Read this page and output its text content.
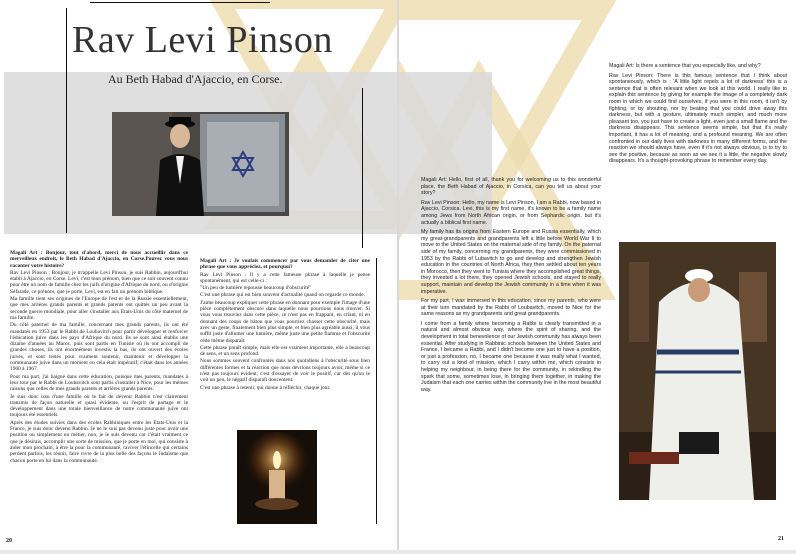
Rav Levi Pinson
Au Beth Habad d'Ajaccio, en Corse.

Magali Art : Bonjour, tout d'abord, merci de nous accueillir dans ce merveilleux endroit, le Beth Habad d'Ajaccio, en Corse.Pouvez vous nous raconter votre histoire?

Rav Levi Pinson : Bonjour, je m'appelle Levi Pinson, je suis Rabbin, aujourd'hui établi à Ajaccio, en Corse. Levi, c'est mon prénom, bien que ce soit souvent connu pour être un nom de famille chez les juifs d'origine d'Afrique du nord, ou d'origine Séfarade, ce prénom, que je porte, Levi, est en fait un prénom biblique.

Ma famille tient ses origines de l'Europe de l'est et de la Russie essentiellement, que mes arrières grands parents et grands parents ont quittés un peu avant la seconde guerre mondiale, pour aller s'installer aux Etats-Unis du côté maternel de ma famille.

Du côté paternel de ma famille, concernant mes grands parents, ils ont été mandatés en 1953 par le Rabbi de Loubavitch pour partir développer et renforcer l'éducation juive dans les pays d'Afrique du nord. Ils se sont ainsi établis une dizaine d'années au Maroc, puis sont partis en Tunisie où ils ont accompli de grandes choses, ils ont énormément investis la bas, ils ont ouvert des écoles juives, et sont restés pour vraiment soutenir, maintenir et développer la communauté juive dans un moment ou cela était impératif, c'était dans les années 1960 à 1967.

Pour ma part, j'ai baigné dans cette éducation, puisque mes parents, mandatés à leur tour par le Rabbi de Loubavitch sont partis s'installer à Nice, pour les mêmes raisons que celles de mes grands parents et arrières grands parents.

Je suis donc issu d'une famille où le fait de devenir Rabbin n'est clairement transmis de façon naturelle et quasi évidente, ou l'esprit de partage et le développement dans une totale bienveillance de notre communauté juive ont toujours été essentiels.

Après des études suivies dans des écoles Rabbiniques entre les Etats-Unis et la France, je suis donc devenu Rabbin. Je ne le suis pas devenu juste pour avoir une position ou simplement un métier, non, je le suis devenu car c'était vraiment ce que je désirais, accomplir une sorte de mission, que je porte en moi, qui consiste à aider mon prochain, à être la pour la communauté, raviver l'étincelle qui certains perdent parfois, les réunir, faire vivre de la plus belle des façons le Judaïsme que chacun porte en lui dans la communauté.

Magali Art : Je voulais commencer par vous demander de citer une phrase que vous appréciez, et pourquoi?

Rav Levi Pinson : Il y a cette fameuse phrase à laquelle je pense spontanément, qui est celle-ci :

"Un peu de lumière repousse beaucoup d'obscurité"

C'est une phrase qui est bien souvent d'actualité quand on regarde ce monde.

J'aime beaucoup expliquer cette phrase en donnant pour exemple l'image d'une pièce complètement obscure dans laquelle nous pourrions nous trouver. Si vous vous trouviez dans cette pièce, ce n'est pas en frappant, en criant, ni en donnant des coups de bâton que vous pourriez chasser cette obscurité, mais avec un geste, finalement bien plus simple, et bien plus agréable aussi, il vous suffit juste d'allumer une lumière, même juste une petite flamme et l'obscurité cède même disparaît.

Cette phrase paraît simple, mais elle est vraiment importante, elle a beaucoup de sens, et un sens profond.

Nous sommes souvent confrontés dans nos quotidiens à l'obscurité sous bien différentes formes et la réaction que nous devrions toujours avoir, même si ce n'est pas toujours évident, c'est d'essayer de voir le positif, car dès qu'on le voit un peu, le négatif disparaît doucement.

C'est une phrase à retenir, qui donne à réfléchir, chaque jour.

20

Magali Art: Hello, first of all, thank you for welcoming us to this wonderful place, the Beth Habad of Ajaccio, in Corsica, can you tell us about your story?

Rav Levi Pinson: Hello, my name is Levi Pinson, I am a Rabbi, now based in Ajaccio, Corsica. Levi, this is my first name, it's known to be a family name among Jews from North African origin, or from Sephardic origin, but it's actually a biblical first name.

My family has its origins from Eastern Europe and Russia essentially, which my great-grandparents and grandparents left a little before World War II to move to the United States on the maternal side of my family. On the paternal side of my family, concerning my grandparents, they were commissioned in 1953 by the Rabbi of Lubavitch to go and develop and strengthen Jewish education in the countries of North Africa, they then settled about ten years in Morocco, then they went to Tunisia where they accomplished great things, they invested a lot there, they opened Jewish schools, and stayed to really support, maintain and develop the Jewish community in a time when it was imperative.

For my part, I was immersed in this education, since my parents, who were at their turn mandated by the Rabbi of Loubavitch, moved to Nice for the same reasons as my grandparents and great grandparents.

I come from a family where becoming a Rabbi is clearly transmitted in a natural and almost obvious way, where the spirit of sharing, and the development in total benevolence of our Jewish community has always been essential. After studying in Rabbinic schools between the United States and France, I became a Rabbi, and I didn't become one just to have a position, or just a profession, no, I became one because it was really what I wanted, to carry out a kind of mission, which I carry within me, which consists in helping my neighbour, in being there for the community, in rekindling the spark that some, sometimes lose, in bringing them together, in making the Judaism that each one carries within the community live in the most beautiful way.

Magali Art: Is there a sentence that you especially like, and why?

Rav Levi Pinson: There is this famous sentence that I think about spontaneously, which is : 'A little light repels a lot of darkness' this is a sentence that is often relevant when we look at this world. I really like to explain this sentence by giving for example the image of a completely dark room in which we could find ourselves, if you were in this room, it isn't by fighting, or by shouting, nor by beating that you could drive away this darkness, but with a gesture, ultimately much simpler, and much more pleasant too, you just have to create a light, even just a small flame and the darkness disappears. This sentence seems simple, but that it's really important, it has a lot of meaning, and a profound meaning. We are often confronted in our daily lives with darkness in many different forms, and the reaction we should always have, even if it's not always obvious, is to try to see the positive, because as soon as we see it a little, the negative slowly disappears. It's a thought-provoking phrase to remember every day.

21
